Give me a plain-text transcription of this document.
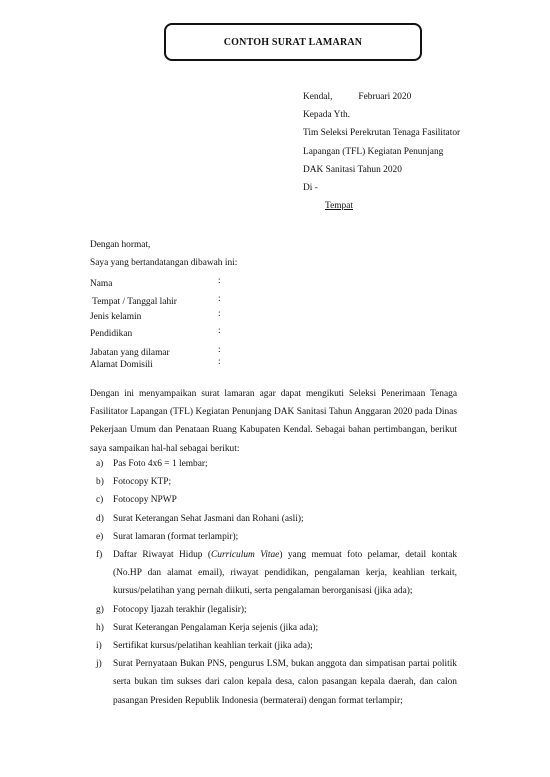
CONTOH SURAT LAMARAN
Kendal,	Februari 2020
Kepada Yth.
Tim Seleksi Perekrutan Tenaga Fasilitator
Lapangan (TFL) Kegiatan Penunjang
DAK Sanitasi Tahun 2020
Di -
Tempat
Dengan hormat,
Saya yang bertandatangan dibawah ini:
Nama	:
Tempat / Tanggal lahir	:
Jenis kelamin	:
Pendidikan	:
Jabatan yang dilamar	:
Alamat Domisili	:
Dengan ini menyampaikan surat lamaran agar dapat mengikuti Seleksi Penerimaan Tenaga Fasilitator Lapangan (TFL) Kegiatan Penunjang DAK Sanitasi Tahun Anggaran 2020 pada Dinas Pekerjaan Umum dan Penataan Ruang Kabupaten Kendal. Sebagai bahan pertimbangan, berikut saya sampaikan hal-hal sebagai berikut:
a) Pas Foto 4x6 = 1 lembar;
b) Fotocopy KTP;
c) Fotocopy NPWP
d) Surat Keterangan Sehat Jasmani dan Rohani (asli);
e) Surat lamaran (format terlampir);
f) Daftar Riwayat Hidup (Curriculum Vitae) yang memuat foto pelamar, detail kontak (No.HP dan alamat email), riwayat pendidikan, pengalaman kerja, keahlian terkait, kursus/pelatihan yang pernah diikuti, serta pengalaman berorganisasi (jika ada);
g) Fotocopy Ijazah terakhir (legalisir);
h) Surat Keterangan Pengalaman Kerja sejenis (jika ada);
i) Sertifikat kursus/pelatihan keahlian terkait (jika ada);
j) Surat Pernyataan Bukan PNS, pengurus LSM, bukan anggota dan simpatisan partai politik serta bukan tim sukses dari calon kepala desa, calon pasangan kepala daerah, dan calon pasangan Presiden Republik Indonesia (bermaterai) dengan format terlampir;
